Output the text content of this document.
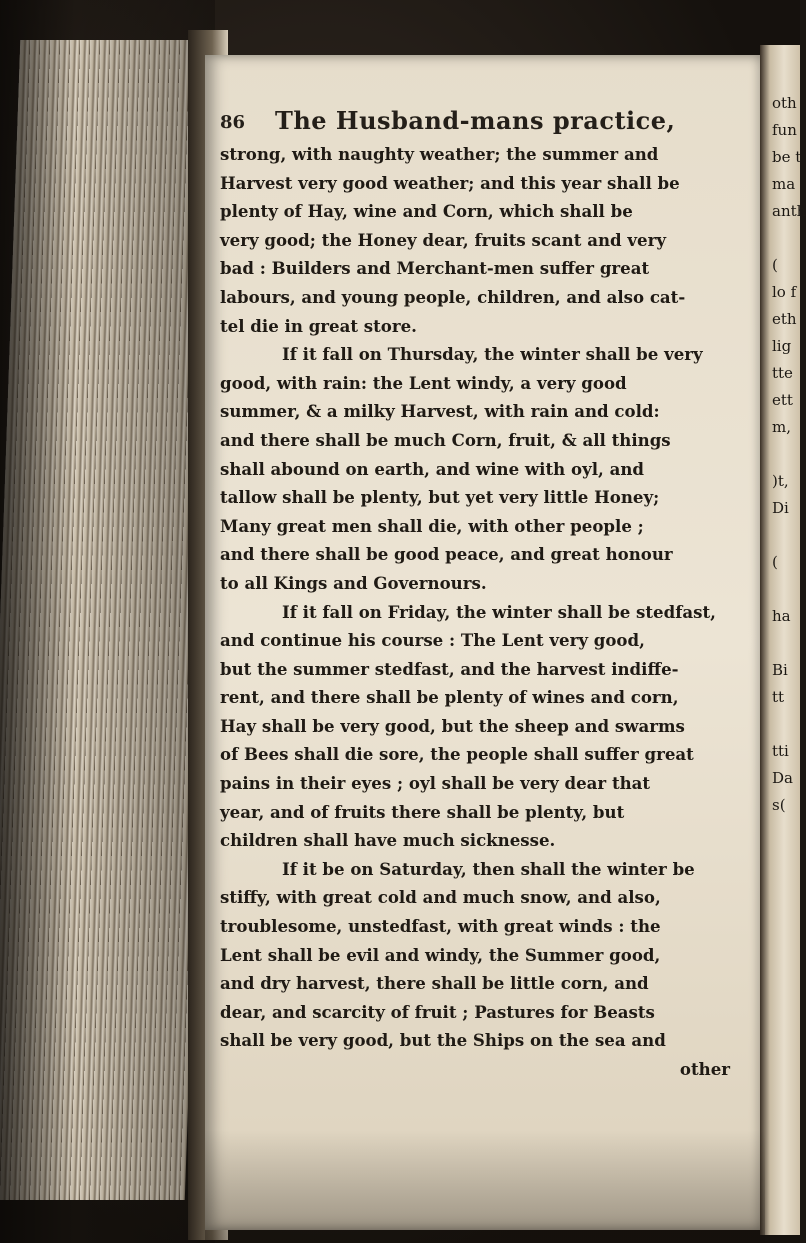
86 The Husband-mans practice,
strong, with naughty weather; the summer and
Harvest very good weather; and this year shall be
plenty of Hay, wine and Corn, which shall be
very good; the Honey dear, fruits scant and very
bad : Builders and Merchant-men suffer great
labours, and young people, children, and also cat-
tel die in great store.
If it fall on Thursday, the winter shall be very
good, with rain: the Lent windy, a very good
summer, & a milky Harvest, with rain and cold:
and there shall be much Corn, fruit, & all things
shall abound on earth, and wine with oyl, and
tallow shall be plenty, but yet very little Honey;
Many great men shall die, with other people ;
and there shall be good peace, and great honour
to all Kings and Governours.
If it fall on Friday, the winter shall be stedfast,
and continue his course : The Lent very good,
but the summer stedfast, and the harvest indiffe-
rent, and there shall be plenty of wines and corn,
Hay shall be very good, but the sheep and swarms
of Bees shall die sore, the people shall suffer great
pains in their eyes ; oyl shall be very dear that
year, and of fruits there shall be plenty, but
children shall have much sicknesse.
If it be on Saturday, then shall the winter be
stiffy, with great cold and much snow, and also,
troublesome, unstedfast, with great winds : the
Lent shall be evil and windy, the Summer good,
and dry harvest, there shall be little corn, and
dear, and scarcity of fruit ; Pastures for Beasts
shall be very good, but the Ships on the sea and
other
oth
fun
be t
ma
anth

(
lo f
eth
lig
tte
ett
m,

)t,
Di

(

ha

Bi
tt

tti
Da
s(
